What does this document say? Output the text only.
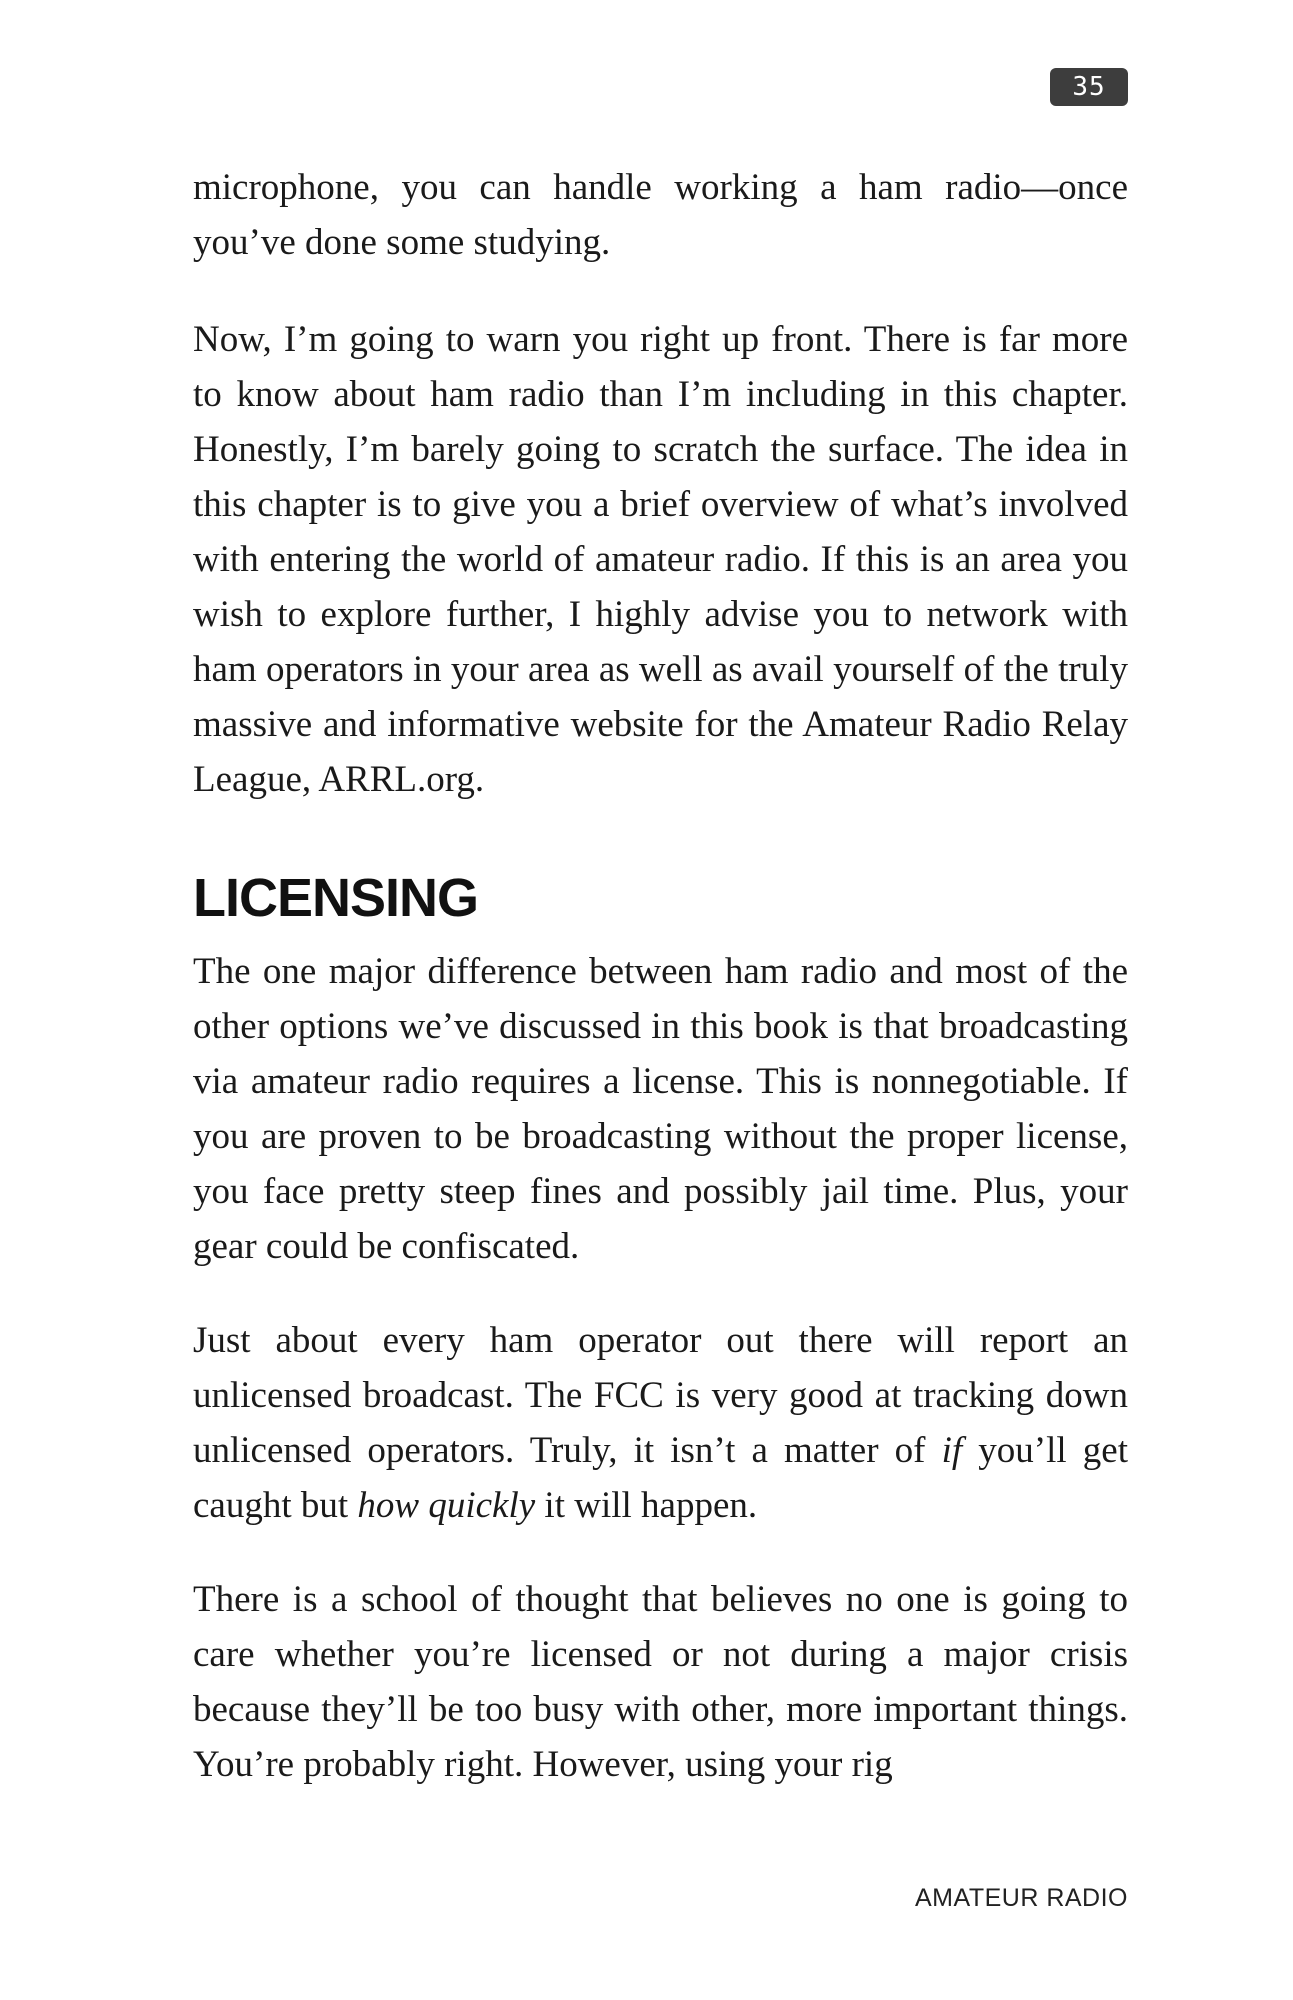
35

microphone, you can handle working a ham radio—once you’ve done some studying.

Now, I’m going to warn you right up front. There is far more to know about ham radio than I’m including in this chapter. Honestly, I’m barely going to scratch the surface. The idea in this chapter is to give you a brief overview of what’s involved with entering the world of amateur radio. If this is an area you wish to explore further, I highly advise you to network with ham operators in your area as well as avail yourself of the truly massive and informative website for the Amateur Radio Relay League, ARRL.org.

LICENSING

The one major difference between ham radio and most of the other options we’ve discussed in this book is that broadcasting via amateur radio requires a license. This is nonnegotiable. If you are proven to be broadcasting without the proper license, you face pretty steep fines and possibly jail time. Plus, your gear could be confiscated.

Just about every ham operator out there will report an unlicensed broadcast. The FCC is very good at tracking down unlicensed operators. Truly, it isn’t a matter of if you’ll get caught but how quickly it will happen.

There is a school of thought that believes no one is going to care whether you’re licensed or not during a major crisis because they’ll be too busy with other, more important things. You’re probably right. However, using your rig

AMATEUR RADIO
